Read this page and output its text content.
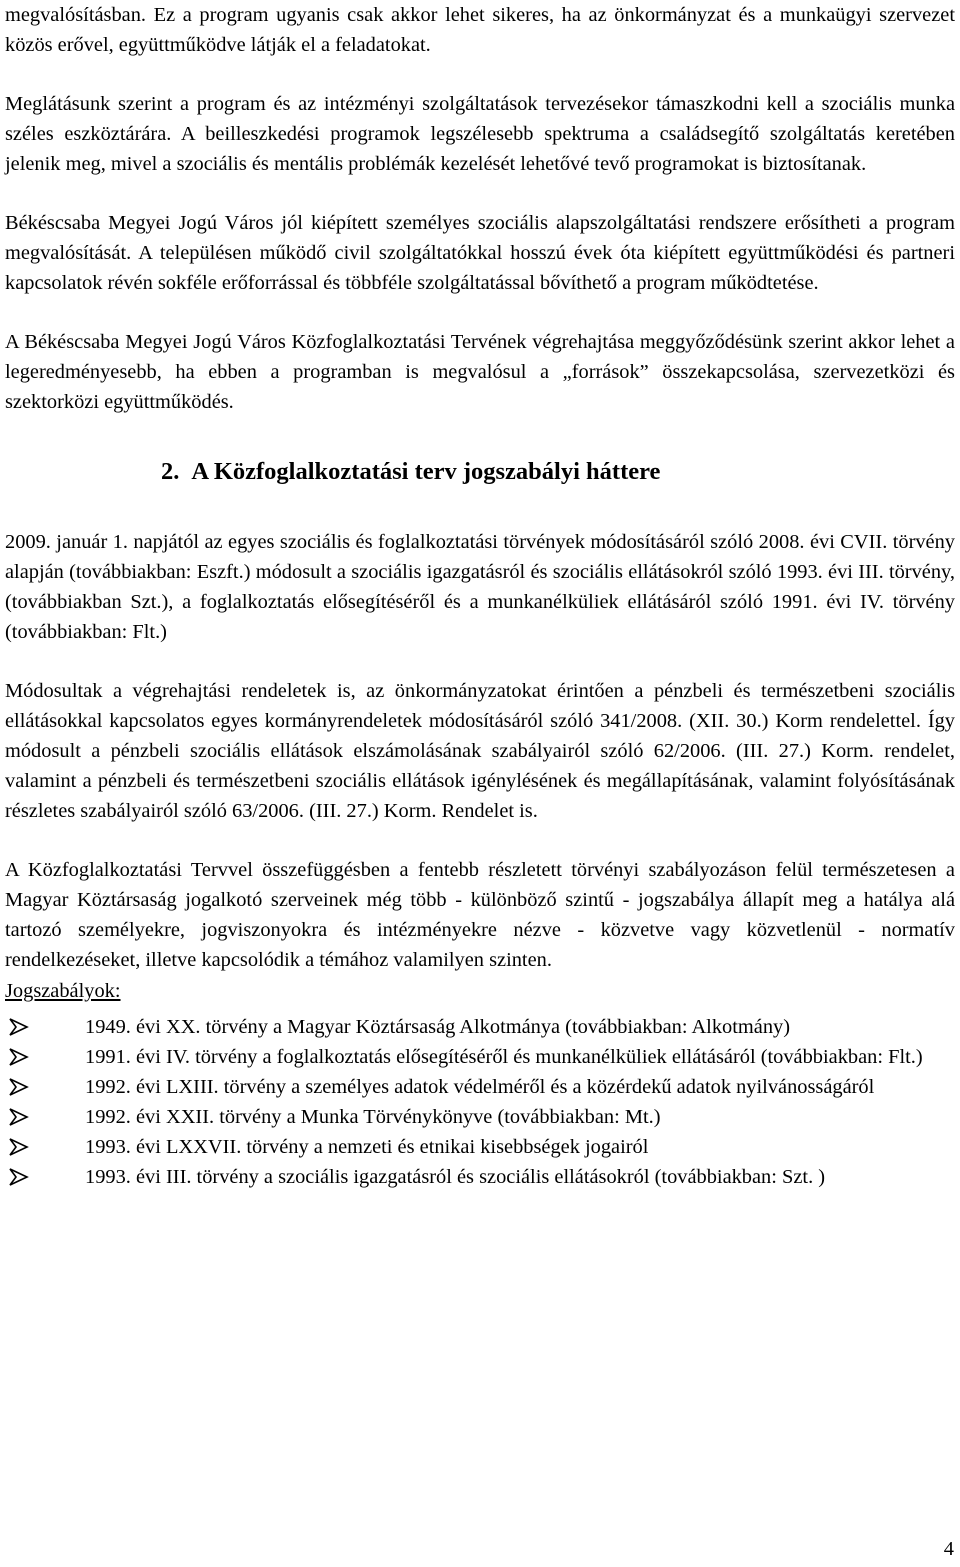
megvalósításban. Ez a program ugyanis csak akkor lehet sikeres, ha az önkormányzat és a munkaügyi szervezet közös erővel, együttműködve látják el a feladatokat.

Meglátásunk szerint a program és az intézményi szolgáltatások tervezésekor támaszkodni kell a szociális munka széles eszköztárára. A beilleszkedési programok legszélesebb spektruma a családsegítő szolgáltatás keretében jelenik meg, mivel a szociális és mentális problémák kezelését lehetővé tevő programokat is biztosítanak.

Békéscsaba Megyei Jogú Város jól kiépített személyes szociális alapszolgáltatási rendszere erősítheti a program megvalósítását. A településen működő civil szolgáltatókkal hosszú évek óta kiépített együttműködési és partneri kapcsolatok révén sokféle erőforrással és többféle szolgáltatással bővíthető a program működtetése.

A Békéscsaba Megyei Jogú Város Közfoglalkoztatási Tervének végrehajtása meggyőződésünk szerint akkor lehet a legeredményesebb, ha ebben a programban is megvalósul a „források” összekapcsolása, szervezetközi és szektorközi együttműködés.

2. A Közfoglalkoztatási terv jogszabályi háttere

2009. január 1. napjától az egyes szociális és foglalkoztatási törvények módosításáról szóló 2008. évi CVII. törvény alapján (továbbiakban: Eszft.) módosult a szociális igazgatásról és szociális ellátásokról szóló 1993. évi III. törvény, (továbbiakban Szt.), a foglalkoztatás elősegítéséről és a munkanélküliek ellátásáról szóló 1991. évi IV. törvény (továbbiakban: Flt.)

Módosultak a végrehajtási rendeletek is, az önkormányzatokat érintően a pénzbeli és természetbeni szociális ellátásokkal kapcsolatos egyes kormányrendeletek módosításáról szóló 341/2008. (XII. 30.) Korm rendelettel. Így módosult a pénzbeli szociális ellátások elszámolásának szabályairól szóló 62/2006. (III. 27.) Korm. rendelet, valamint a pénzbeli és természetbeni szociális ellátások igénylésének és megállapításának, valamint folyósításának részletes szabályairól szóló 63/2006. (III. 27.) Korm. Rendelet is.

A Közfoglalkoztatási Tervvel összefüggésben a fentebb részletett törvényi szabályozáson felül természetesen a Magyar Köztársaság jogalkotó szerveinek még több - különböző szintű - jogszabálya állapít meg a hatálya alá tartozó személyekre, jogviszonyokra és intézményekre nézve - közvetve vagy közvetlenül - normatív rendelkezéseket, illetve kapcsolódik a témához valamilyen szinten.

Jogszabályok:

1949. évi XX. törvény a Magyar Köztársaság Alkotmánya (továbbiakban: Alkotmány)
1991. évi IV. törvény a foglalkoztatás elősegítéséről és munkanélküliek ellátásáról (továbbiakban: Flt.)
1992. évi LXIII. törvény a személyes adatok védelméről és a közérdekű adatok nyilvánosságáról
1992. évi XXII. törvény a Munka Törvénykönyve (továbbiakban: Mt.)
1993. évi LXXVII. törvény a nemzeti és etnikai kisebbségek jogairól
1993. évi III. törvény a szociális igazgatásról és szociális ellátásokról (továbbiakban: Szt. )
4
